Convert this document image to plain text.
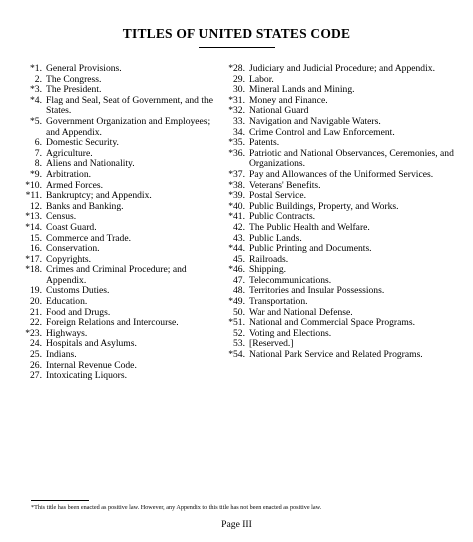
TITLES OF UNITED STATES CODE
*1. General Provisions.
2. The Congress.
*3. The President.
*4. Flag and Seal, Seat of Government, and the States.
*5. Government Organization and Employees; and Appendix.
6. Domestic Security.
7. Agriculture.
8. Aliens and Nationality.
*9. Arbitration.
*10. Armed Forces.
*11. Bankruptcy; and Appendix.
12. Banks and Banking.
*13. Census.
*14. Coast Guard.
15. Commerce and Trade.
16. Conservation.
*17. Copyrights.
*18. Crimes and Criminal Procedure; and Appendix.
19. Customs Duties.
20. Education.
21. Food and Drugs.
22. Foreign Relations and Intercourse.
*23. Highways.
24. Hospitals and Asylums.
25. Indians.
26. Internal Revenue Code.
27. Intoxicating Liquors.
*28. Judiciary and Judicial Procedure; and Appendix.
29. Labor.
30. Mineral Lands and Mining.
*31. Money and Finance.
*32. National Guard
33. Navigation and Navigable Waters.
34. Crime Control and Law Enforcement.
*35. Patents.
*36. Patriotic and National Observances, Ceremonies, and Organizations.
*37. Pay and Allowances of the Uniformed Services.
*38. Veterans' Benefits.
*39. Postal Service.
*40. Public Buildings, Property, and Works.
*41. Public Contracts.
42. The Public Health and Welfare.
43. Public Lands.
*44. Public Printing and Documents.
45. Railroads.
*46. Shipping.
47. Telecommunications.
48. Territories and Insular Possessions.
*49. Transportation.
50. War and National Defense.
*51. National and Commercial Space Programs.
52. Voting and Elections.
53. [Reserved.]
*54. National Park Service and Related Programs.
*This title has been enacted as positive law. However, any Appendix to this title has not been enacted as positive law.
Page III
